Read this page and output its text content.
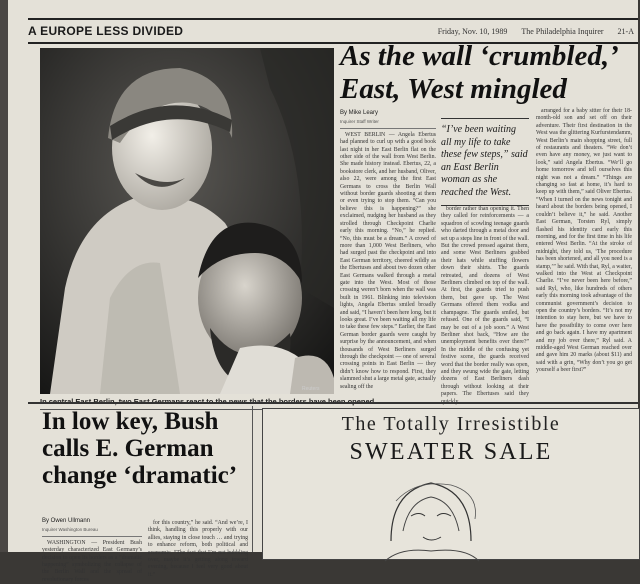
A EUROPE LESS DIVIDED	Friday, Nov. 10, 1989 The Philadelphia Inquirer 21-A
Reuters
As the wall ‘crumbled,’
East, West mingled
By Mike Leary
Inquirer Staff Writer

WEST BERLIN — Angela Ebertus had planned to curl up with a good book last night in her East Berlin flat on the other side of the wall from West Berlin. She made history instead. Ebertus, 22, a bookstore clerk, and her husband, Oliver, also 22, were among the first East Germans to cross the Berlin Wall without border guards shooting at them or even trying to stop them. “Can you believe this is happening?” she exclaimed, nudging her husband as they strolled through Checkpoint Charlie early this morning. “No,” he replied. “No, this must be a dream.” A crowd of more than 1,000 West Berliners, who had surged past the checkpoint and into East German territory, cheered wildly as the Ebertuses and about two dozen other East Germans walked through a metal gate into the West. Most of those crossing weren’t born when the wall was built in 1961. Blinking into television lights, Angela Ebertus smiled broadly and said, “I haven’t been here long, but it looks great. I’ve been waiting all my life to take these few steps.” Earlier, the East German border guards were caught by surprise by the announcement, and when thousands of West Berliners surged through the checkpoint — one of several crossing points in East Berlin — they didn’t know how to respond. First, they slammed shut a large metal gate, actually sealing off the

“I’ve been waiting all my life to take these few steps,” said an East Berlin woman as she reached the West.

border rather than opening it. Then they called for reinforcements — a squadron of scowling teenage guards who darted through a metal door and set up a steps line in front of the wall. But the crowd pressed against them, and some West Berliners grabbed their hats while stuffing flowers down their shirts. The guards retreated, and dozens of West Berliners climbed on top of the wall. At first, the guards tried to push them, but gave up. The West Germans offered them vodka and champagne. The guards smiled, but refused. One of the guards said, “I may be out of a job soon.” A West Berliner shot back, “How are the unemployment benefits over there?” In the middle of the confusing yet festive scene, the guards received word that the border really was open, and they swung wide the gate, letting dozens of East Berliners dash through without looking at their papers. The Ebertuses said they

arranged for a baby sitter for their 18-month-old son and set off on their adventure. Their first destination in the West was the glittering Kurfurstendamm, West Berlin’s main shopping street, full of restaurants and theaters. “We don’t even have any money, we just want to look,” said Angela Ebertus. “We’ll go home tomorrow and tell ourselves this night was not a dream.” “Things are changing so fast at home, it’s hard to keep up with them,” said Oliver Ebertus. “When I turned on the news tonight and heard about the borders being opened, I couldn’t believe it,” he said. Another East German, Torsten Ryl, simply flashed his identity card early this morning, and for the first time in his life entered West Berlin. “At the stroke of midnight, they told us, ‘The procedure has been shortened, and all you need is a stamp,’” he said. With that, Ryl, a waiter, walked into the West at Checkpoint Charlie. “I’ve never been here before,” said Ryl, who, like hundreds of others early this morning took advantage of the communist government’s decision to open the country’s borders. “It’s not my intention to stay here, but we have to have the possibility to come over here and go back again. I have my apartment and my job over there,” Ryl said. A middle-aged West German reached over and gave him 20 marks (about $11) and said with a grin, “Why don’t you go get yourself a beer first?”

In low key, Bush calls E. German change ‘dramatic’
By Owen Ullmann
Inquirer Washington Bureau

WASHINGTON — President Bush yesterday characterized East Germany’s decision to open its borders as a “dramatic happening” symbolizing the collapse of the Berlin Wall and the spread of revolutionary forces

for this country,” he said. “And we’re, I think, handling this properly with our allies, staying in close touch … and trying to enhance reform, both political and economic. “The fact that I’m not bubbling over, maybe it’s getting along toward evening, because I feel very good about it.”

The Totally Irresistible
SWEATER SALE
